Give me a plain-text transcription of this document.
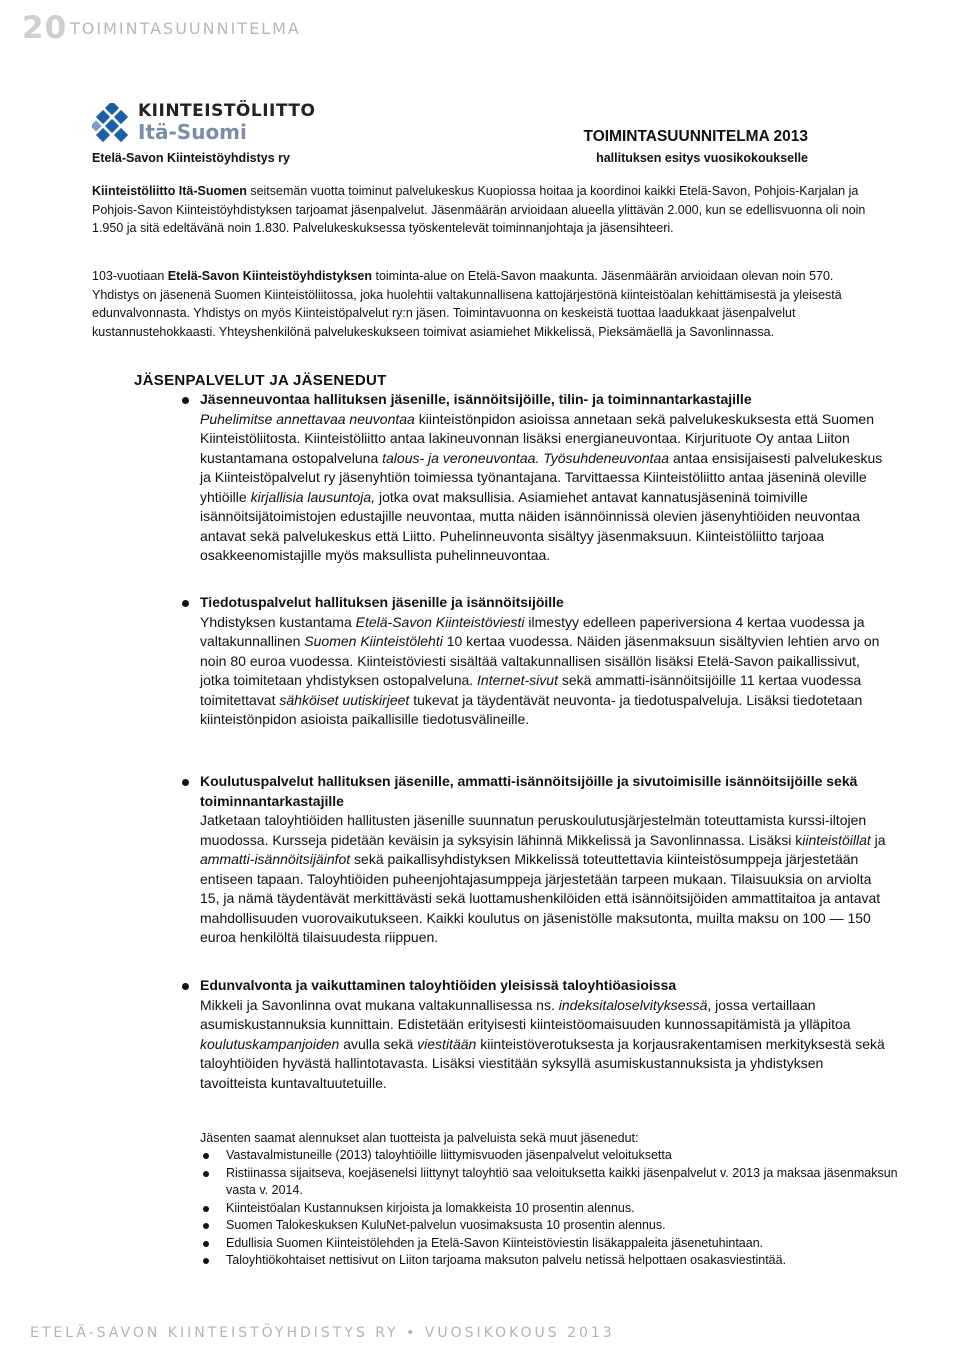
20 TOIMINTASUUNNITELMA
KIINTEISTÖLIITTO
Itä-Suomi
Etelä-Savon Kiinteistöyhdistys ry
TOIMINTASUUNNITELMA 2013
hallituksen esitys vuosikokoukselle

Kiinteistöliitto Itä-Suomen seitsemän vuotta toiminut palvelukeskus Kuopiossa hoitaa ja koordinoi kaikki Etelä-Savon, Pohjois-Karjalan ja Pohjois-Savon Kiinteistöyhdistyksen tarjoamat jäsenpalvelut. Jäsenmäärän arvioidaan alueella ylittävän 2.000, kun se edellisvuonna oli noin 1.950 ja sitä edeltävänä noin 1.830. Palvelukeskuksessa työskentelevät toiminnanjohtaja ja jäsensihteeri.

103-vuotiaan Etelä-Savon Kiinteistöyhdistyksen toiminta-alue on Etelä-Savon maakunta. Jäsenmäärän arvioidaan olevan noin 570. Yhdistys on jäsenenä Suomen Kiinteistöliitossa, joka huolehtii valtakunnallisena kattojärjestönä kiinteistöalan kehittämisestä ja yleisestä edunvalvonnasta. Yhdistys on myös Kiinteistöpalvelut ry:n jäsen. Toimintavuonna on keskeistä tuottaa laadukkaat jäsenpalvelut kustannustehokkaasti. Yhteyshenkilönä palvelukeskukseen toimivat asiamiehet Mikkelissä, Pieksämäellä ja Savonlinnassa.

JÄSENPALVELUT JA JÄSENEDUT
Jäsenneuvontaa hallituksen jäsenille, isännöitsijöille, tilin- ja toiminnantarkastajille
Puhelimitse annettavaa neuvontaa kiinteistönpidon asioissa annetaan sekä palvelukeskuksesta että Suomen Kiinteistöliitosta. Kiinteistöliitto antaa lakineuvonnan lisäksi energianeuvontaa. Kirjurituote Oy antaa Liiton kustantamana ostopalveluna talous- ja veroneuvontaa. Työsuhdeneuvontaa antaa ensisijaisesti palvelukeskus ja Kiinteistöpalvelut ry jäsenyhtiön toimiessa työnantajana. Tarvittaessa Kiinteistöliitto antaa jäseninä oleville yhtiöille kirjallisia lausuntoja, jotka ovat maksullisia. Asiamiehet antavat kannatusjäseninä toimiville isännöitsijätoimistojen edustajille neuvontaa, mutta näiden isännöinnissä olevien jäsenyhtiöiden neuvontaa antavat sekä palvelukeskus että Liitto. Puhelinneuvonta sisältyy jäsenmaksuun. Kiinteistöliitto tarjoaa osakkeenomistajille myös maksullista puhelinneuvontaa.
Tiedotuspalvelut hallituksen jäsenille ja isännöitsijöille
Yhdistyksen kustantama Etelä-Savon Kiinteistöviesti ilmestyy edelleen paperiversiona 4 kertaa vuodessa ja valtakunnallinen Suomen Kiinteistölehti 10 kertaa vuodessa. Näiden jäsenmaksuun sisältyvien lehtien arvo on noin 80 euroa vuodessa. Kiinteistöviesti sisältää valtakunnallisen sisällön lisäksi Etelä-Savon paikallissivut, jotka toimitetaan yhdistyksen ostopalveluna. Internet-sivut sekä ammatti-isännöitsijöille 11 kertaa vuodessa toimitettavat sähköiset uutiskirjeet tukevat ja täydentävät neuvonta- ja tiedotuspalveluja. Lisäksi tiedotetaan kiinteistönpidon asioista paikallisille tiedotusvälineille.
Koulutuspalvelut hallituksen jäsenille, ammatti-isännöitsijöille ja sivutoimisille isännöitsijöille sekä toiminnantarkastajille
Jatketaan taloyhtiöiden hallitusten jäsenille suunnatun peruskoulutusjärjestelmän toteuttamista kurssi-iltojen muodossa. Kursseja pidetään keväisin ja syksyisin lähinnä Mikkelissä ja Savonlinnassa. Lisäksi kiinteistöillat ja ammatti-isännöitsijäinfot sekä paikallisyhdistyksen Mikkelissä toteuttettavia kiinteistösumppeja järjestetään entiseen tapaan. Taloyhtiöiden puheenjohtajasumppeja järjestetään tarpeen mukaan. Tilaisuuksia on arviolta 15, ja nämä täydentävät merkittävästi sekä luottamushenkilöiden että isännöitsijöiden ammattitaitoa ja antavat mahdollisuuden vuorovaikutukseen. Kaikki koulutus on jäsenistölle maksutonta, muilta maksu on 100 — 150 euroa henkilöltä tilaisuudesta riippuen.
Edunvalvonta ja vaikuttaminen taloyhtiöiden yleisissä taloyhtiöasioissa
Mikkeli ja Savonlinna ovat mukana valtakunnallisessa ns. indeksitaloselvityksessä, jossa vertaillaan asumiskustannuksia kunnittain. Edistetään erityisesti kiinteistöomaisuuden kunnossapitämistä ja ylläpitoa koulutuskampanjoiden avulla sekä viestitään kiinteistöverotuksesta ja korjausrakentamisen merkityksestä sekä taloyhtiöiden hyvästä hallintotavasta. Lisäksi viestitään syksyllä asumiskustannuksista ja yhdistyksen tavoitteista kuntavaltuutetuille.
Jäsenten saamat alennukset alan tuotteista ja palveluista sekä muut jäsenedut:
Vastavalmistuneille (2013) taloyhtiöille liittymisvuoden jäsenpalvelut veloituksetta
Ristiinassa sijaitseva, koejäsenelsi liittynyt taloyhtiö saa veloituksetta kaikki jäsenpalvelut v. 2013 ja maksaa jäsenmaksun vasta v. 2014.
Kiinteistöalan Kustannuksen kirjoista ja lomakkeista 10 prosentin alennus.
Suomen Talokeskuksen KuluNet-palvelun vuosimaksusta 10 prosentin alennus.
Edullisia Suomen Kiinteistölehden ja Etelä-Savon Kiinteistöviestin lisäkappaleita jäsenetuhintaan.
Taloyhtiökohtaiset nettisivut on Liiton tarjoama maksuton palvelu netissä helpottaen osakasviestintää.
ETELÄ-SAVON KIINTEISTÖYHDISTYS RY • VUOSIKOKOUS 2013
